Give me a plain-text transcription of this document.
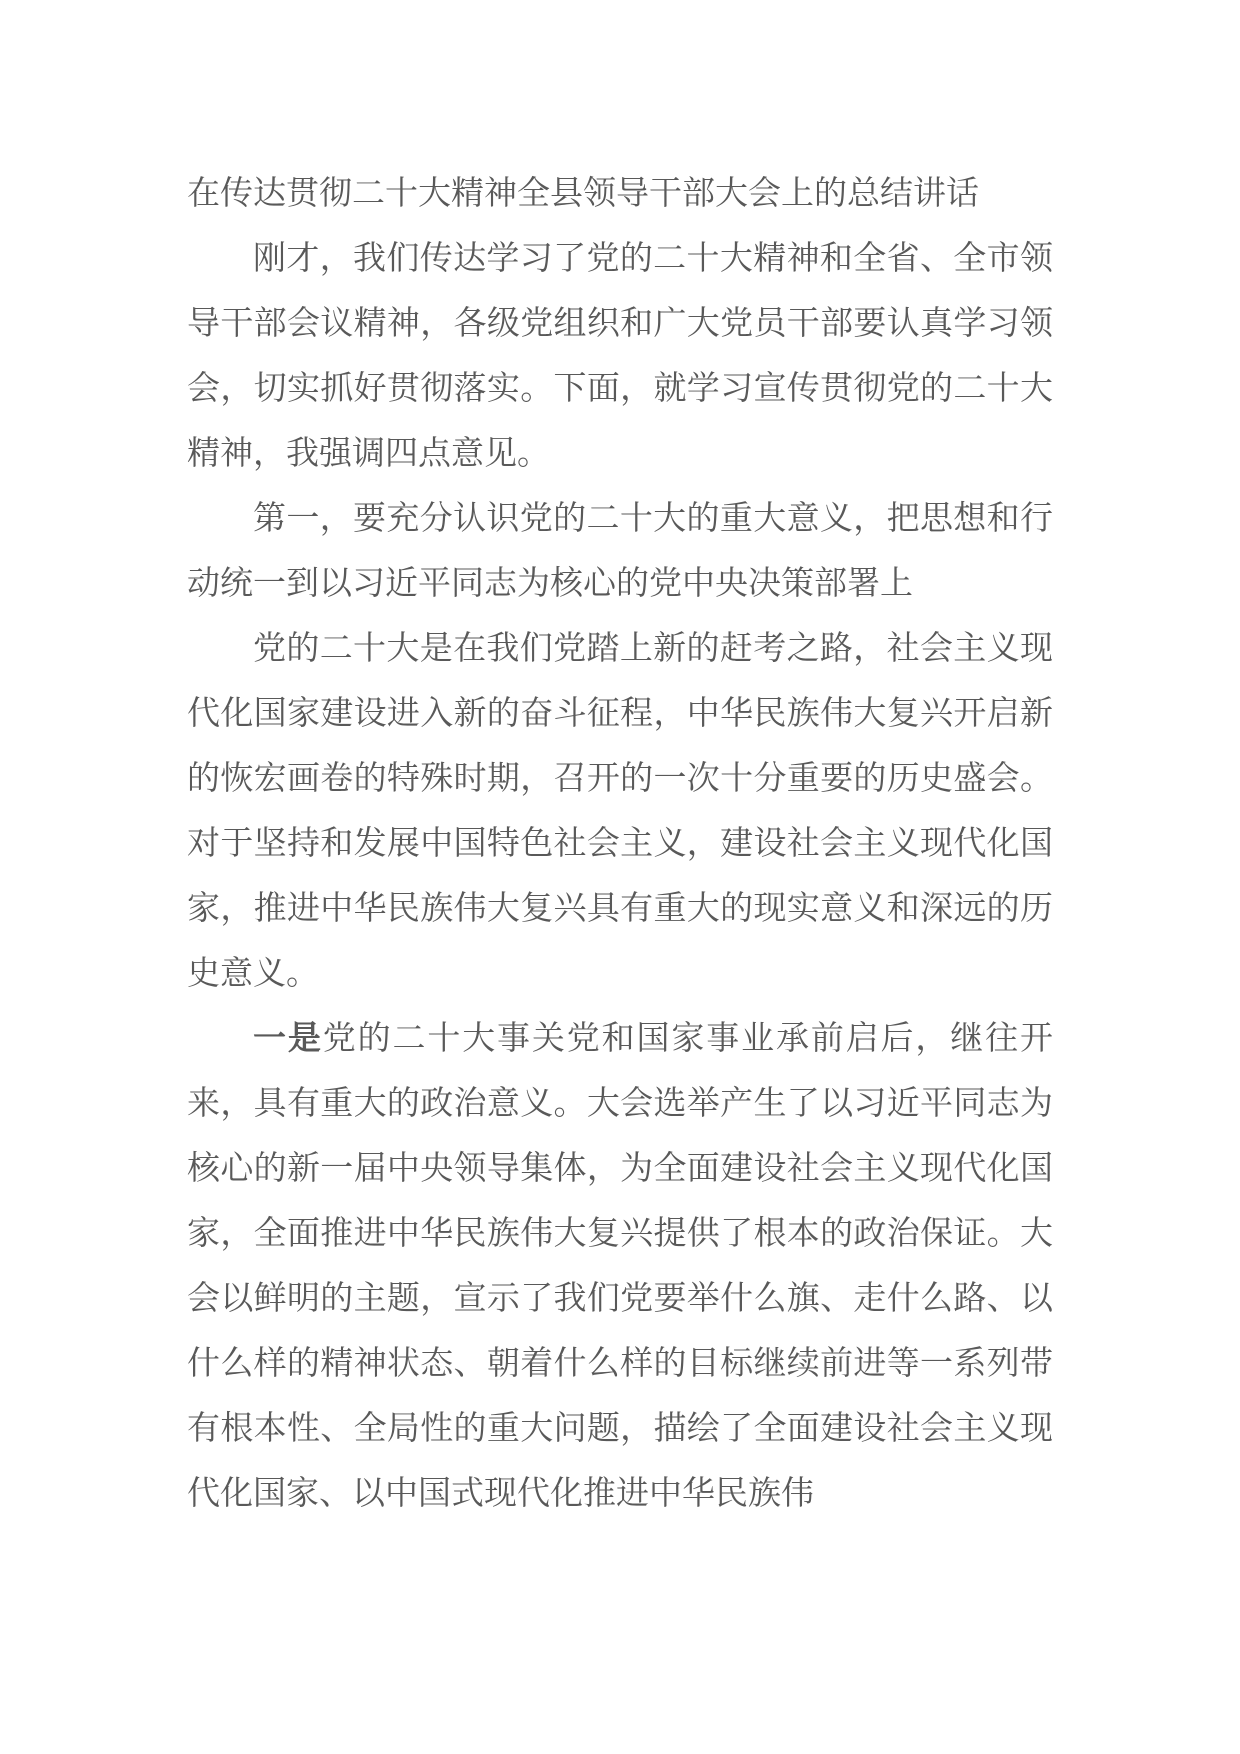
在传达贯彻二十大精神全县领导干部大会上的总结讲话

刚才，我们传达学习了党的二十大精神和全省、全市领导干部会议精神，各级党组织和广大党员干部要认真学习领会，切实抓好贯彻落实。下面，就学习宣传贯彻党的二十大精神，我强调四点意见。

第一，要充分认识党的二十大的重大意义，把思想和行动统一到以习近平同志为核心的党中央决策部署上

党的二十大是在我们党踏上新的赶考之路，社会主义现代化国家建设进入新的奋斗征程，中华民族伟大复兴开启新的恢宏画卷的特殊时期，召开的一次十分重要的历史盛会。对于坚持和发展中国特色社会主义，建设社会主义现代化国家，推进中华民族伟大复兴具有重大的现实意义和深远的历史意义。

一是党的二十大事关党和国家事业承前启后，继往开来，具有重大的政治意义。大会选举产生了以习近平同志为核心的新一届中央领导集体，为全面建设社会主义现代化国家，全面推进中华民族伟大复兴提供了根本的政治保证。大会以鲜明的主题，宣示了我们党要举什么旗、走什么路、以什么样的精神状态、朝着什么样的目标继续前进等一系列带有根本性、全局性的重大问题，描绘了全面建设社会主义现代化国家、以中国式现代化推进中华民族伟
